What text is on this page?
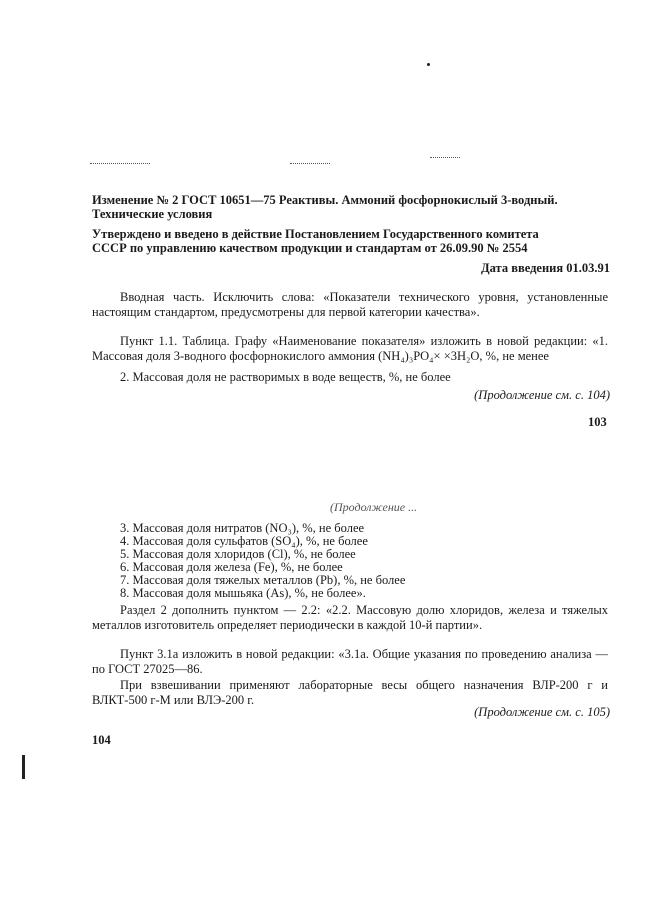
Изменение № 2 ГОСТ 10651—75 Реактивы. Аммоний фосфорнокислый 3-водный.
Технические условия
Утверждено и введено в действие Постановлением Государственного комитета
СССР по управлению качеством продукции и стандартам от 26.09.90 № 2554
Дата введения 01.03.91

Вводная часть. Исключить слова: «Показатели технического уровня, установленные настоящим стандартом, предусмотрены для первой категории качества».

Пункт 1.1. Таблица. Графу «Наименование показателя» изложить в новой редакции: «1. Массовая доля 3-водного фосфорнокислого аммония (NH₄)₃PO₄× ×3H₂O, %, не менее

2. Массовая доля не растворимых в воде веществ, %, не более

(Продолжение см. с. 104)
103
(Продолжение ...
3. Массовая доля нитратов (NO₃), %, не более
4. Массовая доля сульфатов (SO₄), %, не более
5. Массовая доля хлоридов (Cl), %, не более
6. Массовая доля железа (Fe), %, не более
7. Массовая доля тяжелых металлов (Pb), %, не более
8. Массовая доля мышьяка (As), %, не более».

Раздел 2 дополнить пунктом — 2.2: «2.2. Массовую долю хлоридов, железа и тяжелых металлов изготовитель определяет периодически в каждой 10-й партии».

Пункт 3.1а изложить в новой редакции: «3.1а. Общие указания по проведению анализа — по ГОСТ 27025—86.

При взвешивании применяют лабораторные весы общего назначения ВЛР-200 г и ВЛКТ-500 г-М или ВЛЭ-200 г.

(Продолжение см. с. 105)
104
